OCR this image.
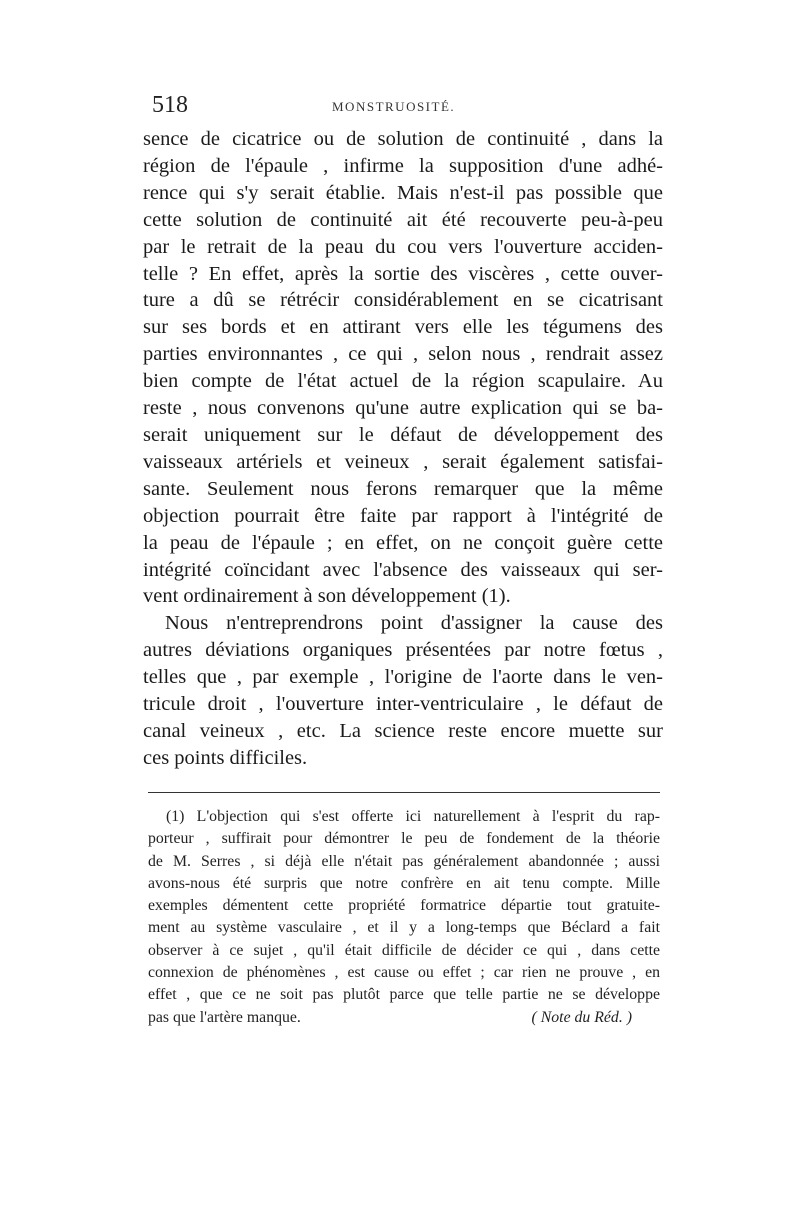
518	MONSTRUOSITÉ.
sence de cicatrice ou de solution de continuité , dans la
région de l'épaule , infirme la supposition d'une adhé-
rence qui s'y serait établie. Mais n'est-il pas possible que
cette solution de continuité ait été recouverte peu-à-peu
par le retrait de la peau du cou vers l'ouverture acciden-
telle ? En effet, après la sortie des viscères , cette ouver-
ture a dû se rétrécir considérablement en se cicatrisant
sur ses bords et en attirant vers elle les tégumens des
parties environnantes , ce qui , selon nous , rendrait assez
bien compte de l'état actuel de la région scapulaire. Au
reste , nous convenons qu'une autre explication qui se ba-
serait uniquement sur le défaut de développement des
vaisseaux artériels et veineux , serait également satisfai-
sante. Seulement nous ferons remarquer que la même
objection pourrait être faite par rapport à l'intégrité de
la peau de l'épaule ; en effet, on ne conçoit guère cette
intégrité coïncidant avec l'absence des vaisseaux qui ser-
vent ordinairement à son développement (1).
Nous n'entreprendrons point d'assigner la cause des
autres déviations organiques présentées par notre fœtus ,
telles que , par exemple , l'origine de l'aorte dans le ven-
tricule droit , l'ouverture inter-ventriculaire , le défaut de
canal veineux , etc. La science reste encore muette sur
ces points difficiles.
(1) L'objection qui s'est offerte ici naturellement à l'esprit du rap-
porteur , suffirait pour démontrer le peu de fondement de la théorie
de M. Serres , si déjà elle n'était pas généralement abandonnée ; aussi
avons-nous été surpris que notre confrère en ait tenu compte. Mille
exemples démentent cette propriété formatrice départie tout gratuite-
ment au système vasculaire , et il y a long-temps que Béclard a fait
observer à ce sujet , qu'il était difficile de décider ce qui , dans cette
connexion de phénomènes , est cause ou effet ; car rien ne prouve , en
effet , que ce ne soit pas plutôt parce que telle partie ne se développe
pas que l'artère manque.	( Note du Réd. )
